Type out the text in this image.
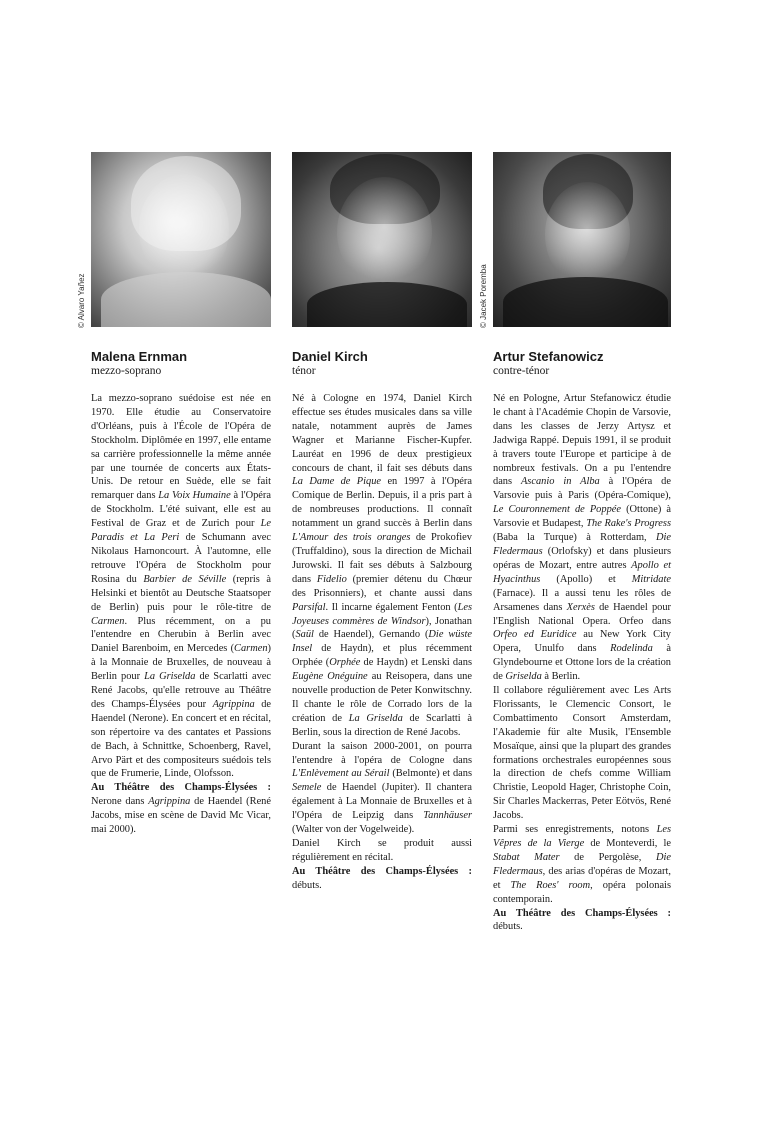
© Alvaro Yañez
Malena Ernman
mezzo-soprano

La mezzo-soprano suédoise est née en 1970. Elle étudie au Conservatoire d'Orléans, puis à l'École de l'Opéra de Stockholm. Diplômée en 1997, elle entame sa carrière professionnelle la même année par une tournée de concerts aux États-Unis. De retour en Suède, elle se fait remarquer dans La Voix Humaine à l'Opéra de Stockholm. L'été suivant, elle est au Festival de Graz et de Zurich pour Le Paradis et La Peri de Schumann avec Nikolaus Harnoncourt. À l'automne, elle retrouve l'Opéra de Stockholm pour Rosina du Barbier de Séville (repris à Helsinki et bientôt au Deutsche Staatsoper de Berlin) puis pour le rôle-titre de Carmen. Plus récemment, on a pu l'entendre en Cherubin à Berlin avec Daniel Barenboim, en Mercedes (Carmen) à la Monnaie de Bruxelles, de nouveau à Berlin pour La Griselda de Scarlatti avec René Jacobs, qu'elle retrouve au Théâtre des Champs-Élysées pour Agrippina de Haendel (Nerone). En concert et en récital, son répertoire va des cantates et Passions de Bach, à Schnittke, Schoenberg, Ravel, Arvo Pärt et des compositeurs suédois tels que de Frumerie, Linde, Olofsson.

Au Théâtre des Champs-Élysées : Nerone dans Agrippina de Haendel (René Jacobs, mise en scène de David Mc Vicar, mai 2000).

Daniel Kirch
ténor

Né à Cologne en 1974, Daniel Kirch effectue ses études musicales dans sa ville natale, notamment auprès de James Wagner et Marianne Fischer-Kupfer. Lauréat en 1996 de deux prestigieux concours de chant, il fait ses débuts dans La Dame de Pique en 1997 à l'Opéra Comique de Berlin. Depuis, il a pris part à de nombreuses productions. Il connaît notamment un grand succès à Berlin dans L'Amour des trois oranges de Prokofiev (Truffaldino), sous la direction de Michail Jurowski. Il fait ses débuts à Salzbourg dans Fidelio (premier détenu du Chœur des Prisonniers), et chante aussi dans Parsifal. Il incarne également Fenton (Les Joyeuses commères de Windsor), Jonathan (Saül de Haendel), Gernando (Die wüste Insel de Haydn), et plus récemment Orphée (Orphée de Haydn) et Lenski dans Eugène Onéguine au Reisopera, dans une nouvelle production de Peter Konwitschny. Il chante le rôle de Corrado lors de la création de La Griselda de Scarlatti à Berlin, sous la direction de René Jacobs.
Durant la saison 2000-2001, on pourra l'entendre à l'opéra de Cologne dans L'Enlèvement au Sérail (Belmonte) et dans Semele de Haendel (Jupiter). Il chantera également à La Monnaie de Bruxelles et à l'Opéra de Leipzig dans Tannhäuser (Walter von der Vogelweide).
Daniel Kirch se produit aussi régulièrement en récital.

Au Théâtre des Champs-Élysées : débuts.

© Jacek Poremba
Artur Stefanowicz
contre-ténor

Né en Pologne, Artur Stefanowicz étudie le chant à l'Académie Chopin de Varsovie, dans les classes de Jerzy Artysz et Jadwiga Rappé. Depuis 1991, il se produit à travers toute l'Europe et participe à de nombreux festivals. On a pu l'entendre dans Ascanio in Alba à l'Opéra de Varsovie puis à Paris (Opéra-Comique), Le Couronnement de Poppée (Ottone) à Varsovie et Budapest, The Rake's Progress (Baba la Turque) à Rotterdam, Die Fledermaus (Orlofsky) et dans plusieurs opéras de Mozart, entre autres Apollo et Hyacinthus (Apollo) et Mitridate (Farnace). Il a aussi tenu les rôles de Arsamenes dans Xerxès de Haendel pour l'English National Opera. Orfeo dans Orfeo ed Euridice au New York City Opera, Unulfo dans Rodelinda à Glyndebourne et Ottone lors de la création de Griselda à Berlin.
Il collabore régulièrement avec Les Arts Florissants, le Clemencic Consort, le Combattimento Consort Amsterdam, l'Akademie für alte Musik, l'Ensemble Mosaïque, ainsi que la plupart des grandes formations orchestrales européennes sous la direction de chefs comme William Christie, Leopold Hager, Christophe Coin, Sir Charles Mackerras, Peter Eötvös, René Jacobs.
Parmi ses enregistrements, notons Les Vêpres de la Vierge de Monteverdi, le Stabat Mater de Pergolèse, Die Fledermaus, des arias d'opéras de Mozart, et The Roes' room, opéra polonais contemporain.

Au Théâtre des Champs-Élysées : débuts.
